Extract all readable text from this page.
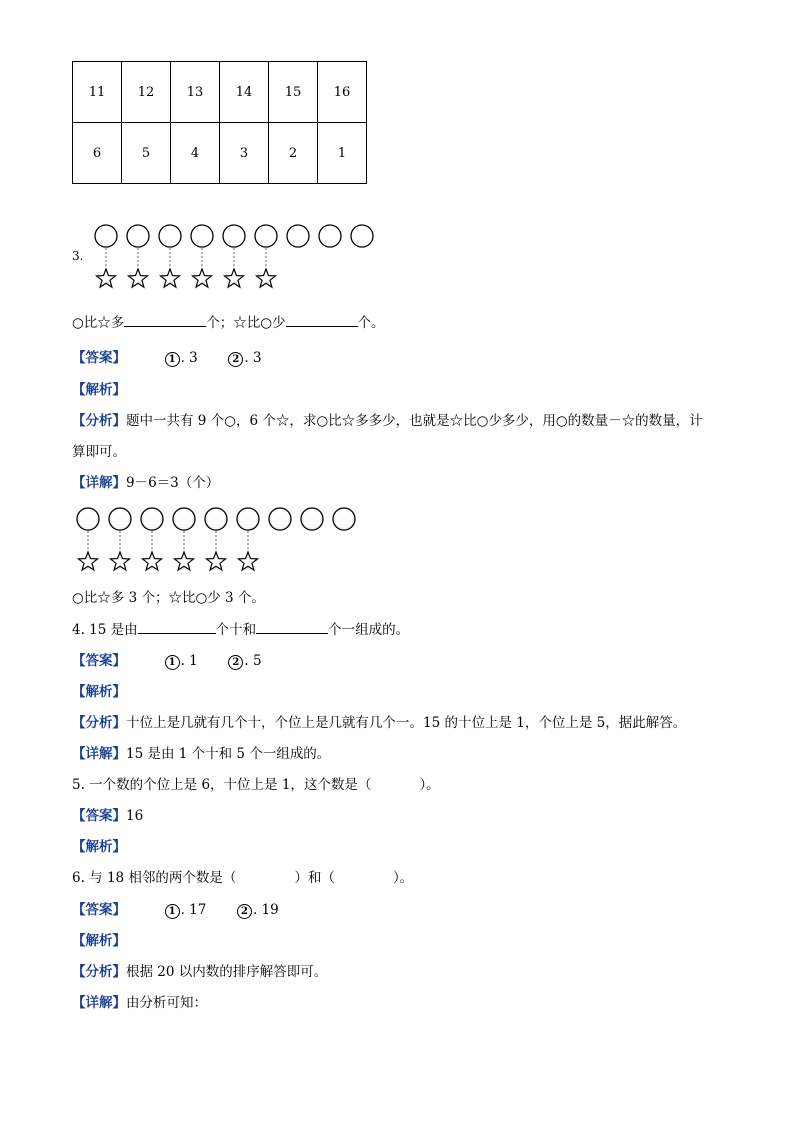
11	12	13	14	15	16
6	5	4	3	2	1
3.
○比☆多	个；☆比○少	个。
【答案】	1 . 3	2 . 3
【解析】
【分析】题中一共有 9 个○，6 个☆，求○比☆多多少，也就是☆比○少多少，用○的数量－☆的数量，计
算即可。
【详解】9－6＝3（个）
○比☆多 3 个；☆比○少 3 个。
4. 15 是由	个十和	个一组成的。
【答案】	1 . 1	2 . 5
【解析】
【分析】十位上是几就有几个十，个位上是几就有几个一。15 的十位上是 1，个位上是 5，据此解答。
【详解】15 是由 1 个十和 5 个一组成的。
5. 一个数的个位上是 6，十位上是 1，这个数是（	）。
【答案】16
【解析】
6. 与 18 相邻的两个数是（	）和（	）。
【答案】	1 . 17	2 . 19
【解析】
【分析】根据 20 以内数的排序解答即可。
【详解】由分析可知：
